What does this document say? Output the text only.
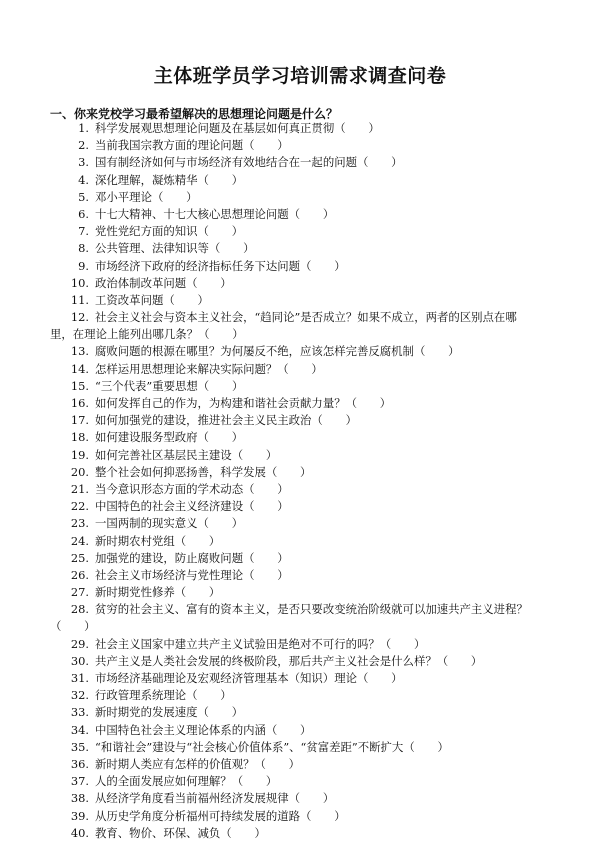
主体班学员学习培训需求调查问卷
一、你来党校学习最希望解决的思想理论问题是什么？
1. 科学发展观思想理论问题及在基层如何真正贯彻（　　）
2. 当前我国宗教方面的理论问题（　　）
3. 国有制经济如何与市场经济有效地结合在一起的问题（　　）
4. 深化理解，凝炼精华（　　）
5. 邓小平理论（　　）
6. 十七大精神、十七大核心思想理论问题（　　）
7. 党性党纪方面的知识（　　）
8. 公共管理、法律知识等（　　）
9. 市场经济下政府的经济指标任务下达问题（　　）
10. 政治体制改革问题（　　）
11. 工资改革问题（　　）
12. 社会主义社会与资本主义社会，“趋同论”是否成立？如果不成立，两者的区别点在哪
里，在理论上能列出哪几条？（　　）
13. 腐败问题的根源在哪里？为何屡反不绝，应该怎样完善反腐机制（　　）
14. 怎样运用思想理论来解决实际问题？（　　）
15. “三个代表”重要思想（　　）
16. 如何发挥自己的作为，为构建和谐社会贡献力量？（　　）
17. 如何加强党的建设，推进社会主义民主政治（　　）
18. 如何建设服务型政府（　　）
19. 如何完善社区基层民主建设（　　）
20. 整个社会如何抑恶扬善，科学发展（　　）
21. 当今意识形态方面的学术动态（　　）
22. 中国特色的社会主义经济建设（　　）
23. 一国两制的现实意义（　　）
24. 新时期农村党组（　　）
25. 加强党的建设，防止腐败问题（　　）
26. 社会主义市场经济与党性理论（　　）
27. 新时期党性修养（　　）
28. 贫穷的社会主义、富有的资本主义，是否只要改变统治阶级就可以加速共产主义进程？
（　　）
29. 社会主义国家中建立共产主义试验田是绝对不可行的吗？（　　）
30. 共产主义是人类社会发展的终极阶段，那后共产主义社会是什么样？（　　）
31. 市场经济基础理论及宏观经济管理基本（知识）理论（　　）
32. 行政管理系统理论（　　）
33. 新时期党的发展速度（　　）
34. 中国特色社会主义理论体系的内涵（　　）
35. “和谐社会”建设与“社会核心价值体系”、“贫富差距”不断扩大（　　）
36. 新时期人类应有怎样的价值观？（　　）
37. 人的全面发展应如何理解？（　　）
38. 从经济学角度看当前福州经济发展规律（　　）
39. 从历史学角度分析福州可持续发展的道路（　　）
40. 教育、物价、环保、减负（　　）
